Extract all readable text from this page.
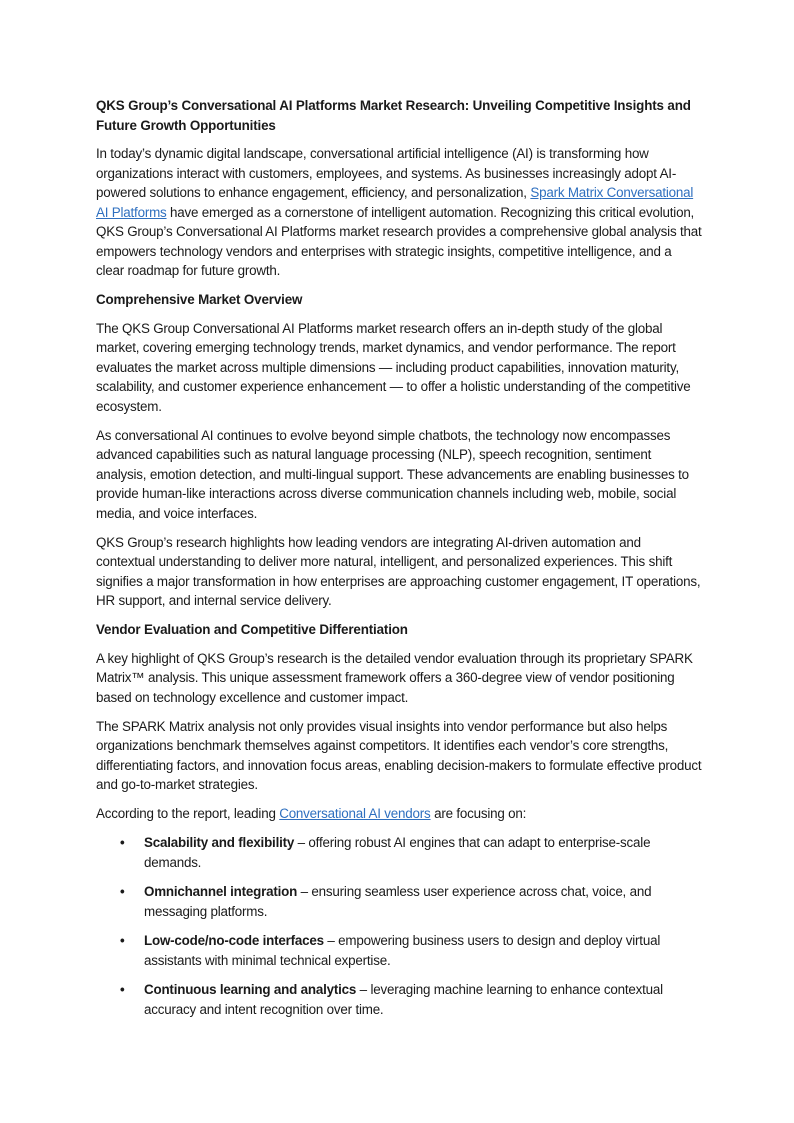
QKS Group’s Conversational AI Platforms Market Research: Unveiling Competitive Insights and Future Growth Opportunities

In today’s dynamic digital landscape, conversational artificial intelligence (AI) is transforming how organizations interact with customers, employees, and systems. As businesses increasingly adopt AI-powered solutions to enhance engagement, efficiency, and personalization, Spark Matrix Conversational AI Platforms have emerged as a cornerstone of intelligent automation. Recognizing this critical evolution, QKS Group’s Conversational AI Platforms market research provides a comprehensive global analysis that empowers technology vendors and enterprises with strategic insights, competitive intelligence, and a clear roadmap for future growth.

Comprehensive Market Overview

The QKS Group Conversational AI Platforms market research offers an in-depth study of the global market, covering emerging technology trends, market dynamics, and vendor performance. The report evaluates the market across multiple dimensions — including product capabilities, innovation maturity, scalability, and customer experience enhancement — to offer a holistic understanding of the competitive ecosystem.

As conversational AI continues to evolve beyond simple chatbots, the technology now encompasses advanced capabilities such as natural language processing (NLP), speech recognition, sentiment analysis, emotion detection, and multi-lingual support. These advancements are enabling businesses to provide human-like interactions across diverse communication channels including web, mobile, social media, and voice interfaces.

QKS Group’s research highlights how leading vendors are integrating AI-driven automation and contextual understanding to deliver more natural, intelligent, and personalized experiences. This shift signifies a major transformation in how enterprises are approaching customer engagement, IT operations, HR support, and internal service delivery.

Vendor Evaluation and Competitive Differentiation

A key highlight of QKS Group’s research is the detailed vendor evaluation through its proprietary SPARK Matrix™ analysis. This unique assessment framework offers a 360-degree view of vendor positioning based on technology excellence and customer impact.

The SPARK Matrix analysis not only provides visual insights into vendor performance but also helps organizations benchmark themselves against competitors. It identifies each vendor’s core strengths, differentiating factors, and innovation focus areas, enabling decision-makers to formulate effective product and go-to-market strategies.

According to the report, leading Conversational AI vendors are focusing on:

• Scalability and flexibility – offering robust AI engines that can adapt to enterprise-scale demands.
• Omnichannel integration – ensuring seamless user experience across chat, voice, and messaging platforms.
• Low-code/no-code interfaces – empowering business users to design and deploy virtual assistants with minimal technical expertise.
• Continuous learning and analytics – leveraging machine learning to enhance contextual accuracy and intent recognition over time.
